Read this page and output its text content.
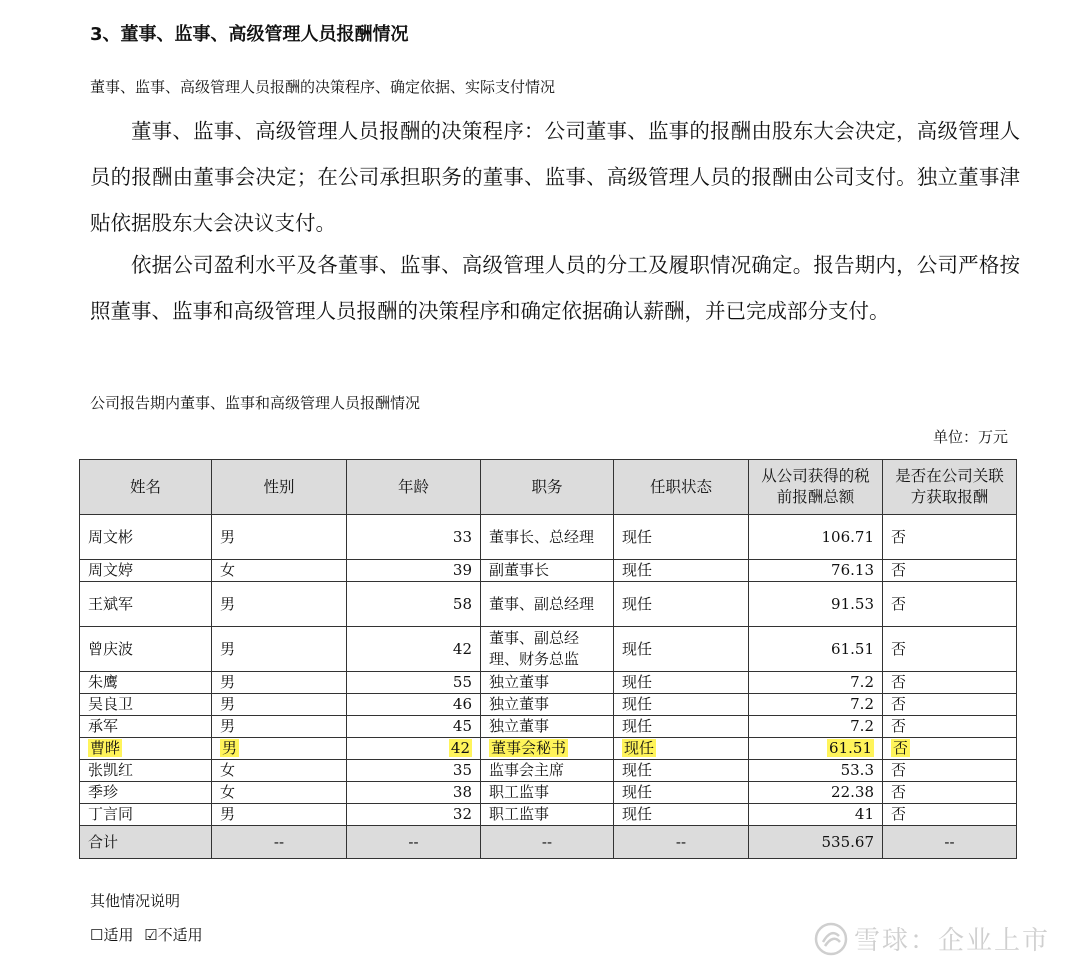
3、董事、监事、高级管理人员报酬情况
董事、监事、高级管理人员报酬的决策程序、确定依据、实际支付情况

董事、监事、高级管理人员报酬的决策程序：公司董事、监事的报酬由股东大会决定，高级管理人员的报酬由董事会决定；在公司承担职务的董事、监事、高级管理人员的报酬由公司支付。独立董事津贴依据股东大会决议支付。

依据公司盈利水平及各董事、监事、高级管理人员的分工及履职情况确定。报告期内，公司严格按照董事、监事和高级管理人员报酬的决策程序和确定依据确认薪酬，并已完成部分支付。

公司报告期内董事、监事和高级管理人员报酬情况
单位：万元
姓名	性别	年龄	职务	任职状态	从公司获得的税前报酬总额	是否在公司关联方获取报酬
周文彬	男	33	董事长、总经理	现任	106.71	否
周文婷	女	39	副董事长	现任	76.13	否
王斌军	男	58	董事、副总经理	现任	91.53	否
曾庆波	男	42	董事、副总经理、财务总监	现任	61.51	否
朱鹰	男	55	独立董事	现任	7.2	否
吴良卫	男	46	独立董事	现任	7.2	否
承军	男	45	独立董事	现任	7.2	否
曹晔	男	42	董事会秘书	现任	61.51	否
张凯红	女	35	监事会主席	现任	53.3	否
季珍	女	38	职工监事	现任	22.38	否
丁言同	男	32	职工监事	现任	41	否
合计	--	--	--	--	535.67	--
其他情况说明
☐适用 ☑不适用	雪球：企业上市
